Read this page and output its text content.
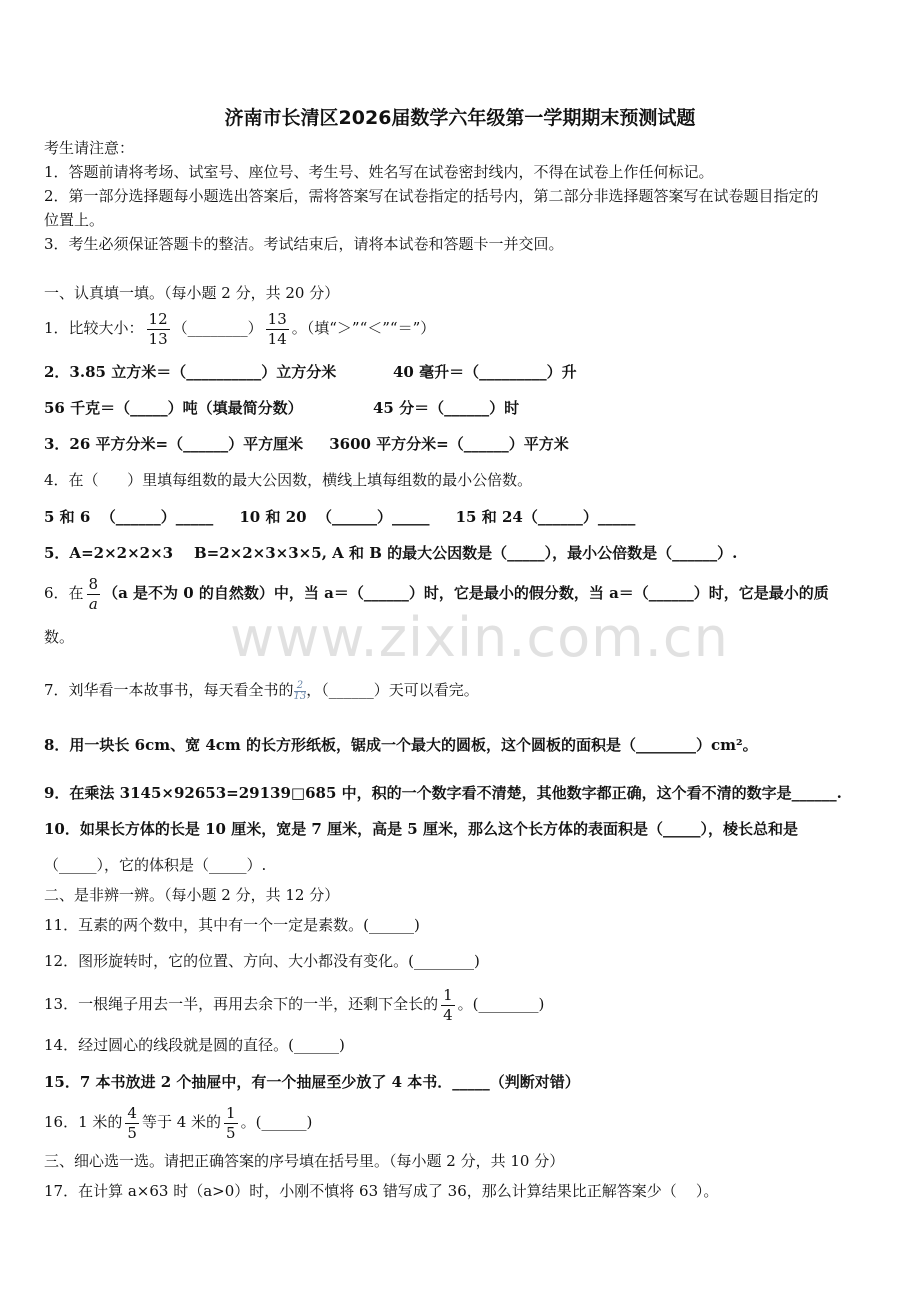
济南市长清区2026届数学六年级第一学期期末预测试题
考生请注意：
1．答题前请将考场、试室号、座位号、考生号、姓名写在试卷密封线内，不得在试卷上作任何标记。
2．第一部分选择题每小题选出答案后，需将答案写在试卷指定的括号内，第二部分非选择题答案写在试卷题目指定的
位置上。
3．考生必须保证答题卡的整洁。考试结束后，请将本试卷和答题卡一并交回。
一、认真填一填。（每小题 2 分，共 20 分）
1．比较大小： $\frac{12}{13}$ （________） $\frac{13}{14}$ 。（填“＞”“＜”“＝”）
2．3.85 立方米＝（__________）立方分米	40 毫升＝（_________）升
56 千克＝（_____）吨（填最简分数）	45 分＝（______）时
3．26 平方分米=（______）平方厘米     3600 平方分米=（______）平方米
4．在（      ）里填每组数的最大公因数，横线上填每组数的最小公倍数。
5 和 6  （______）_____     10 和 20  （______）_____     15 和 24（______）_____
5．A=2×2×2×3    B=2×2×3×3×5, A 和 B 的最大公因数是（_____），最小公倍数是（______）.
6．在 $\frac{8}{a} (a$ 是不为 0 的自然数）中，当 a＝（______）时，它是最小的假分数，当 a＝（______）时，它是最小的质
数。	www.zixin.com.cn
7．刘华看一本故事书，每天看全书的$\frac{2}{13}$ ，（______）天可以看完。
8．用一块长 6cm、宽 4cm 的长方形纸板，锯成一个最大的圆板，这个圆板的面积是（________）cm²。
9．在乘法 3145×92653=29139□685 中，积的一个数字看不清楚，其他数字都正确，这个看不清的数字是______.
10．如果长方体的长是 10 厘米，宽是 7 厘米，高是 5 厘米，那么这个长方体的表面积是（_____），棱长总和是
（_____），它的体积是（_____）.
二、是非辨一辨。（每小题 2 分，共 12 分）
11．互素的两个数中，其中有一个一定是素数。(______)
12．图形旋转时，它的位置、方向、大小都没有变化。(________)
13．一根绳子用去一半，再用去余下的一半，还剩下全长的 $\frac{1}{4}$ 。(________)
14．经过圆心的线段就是圆的直径。(______)
15．7 本书放进 2 个抽屉中，有一个抽屉至少放了 4 本书．_____（判断对错）
16．1 米的 $\frac{4}{5}$ 等于 4 米的 $\frac{1}{5}$ 。(______)
三、细心选一选。请把正确答案的序号填在括号里。（每小题 2 分，共 10 分）
17．在计算 a×63 时（a>0）时，小刚不慎将 63 错写成了 36，那么计算结果比正解答案少（    ）。
